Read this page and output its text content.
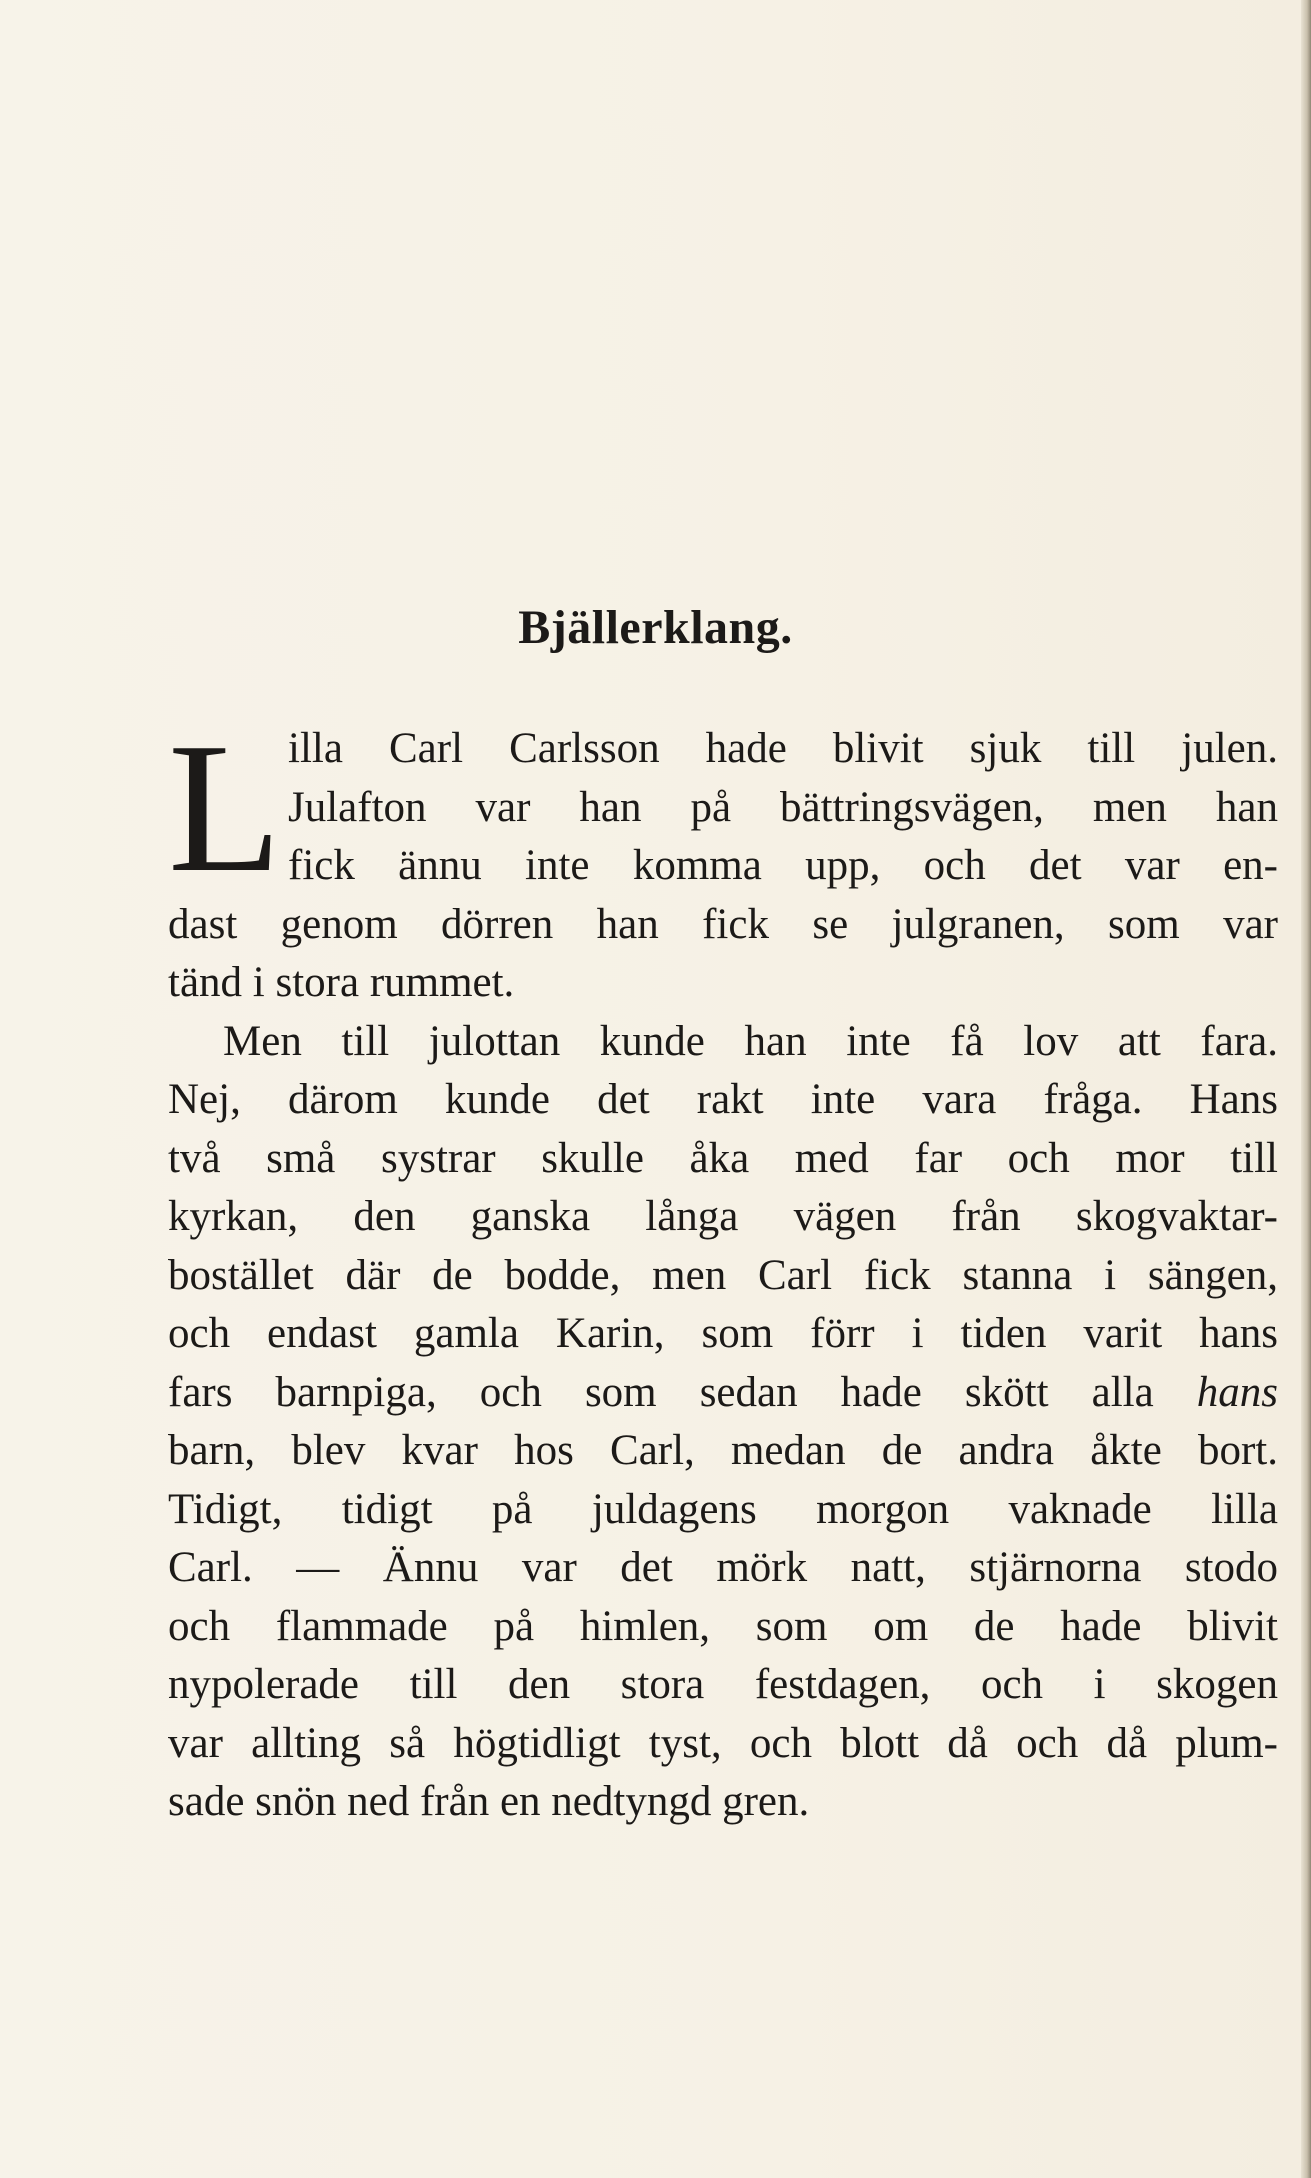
Bjällerklang.
L illa Carl Carlsson hade blivit sjuk till julen.
Julafton var han på bättringsvägen, men han
fick ännu inte komma upp, och det var en-
dast genom dörren han fick se julgranen, som var
tänd i stora rummet.
Men till julottan kunde han inte få lov att fara.
Nej, därom kunde det rakt inte vara fråga. Hans
två små systrar skulle åka med far och mor till
kyrkan, den ganska långa vägen från skogvaktar-
bostället där de bodde, men Carl fick stanna i sängen,
och endast gamla Karin, som förr i tiden varit hans
fars barnpiga, och som sedan hade skött alla hans
barn, blev kvar hos Carl, medan de andra åkte bort.
Tidigt, tidigt på juldagens morgon vaknade lilla
Carl. — Ännu var det mörk natt, stjärnorna stodo
och flammade på himlen, som om de hade blivit
nypolerade till den stora festdagen, och i skogen
var allting så högtidligt tyst, och blott då och då plum-
sade snön ned från en nedtyngd gren.
